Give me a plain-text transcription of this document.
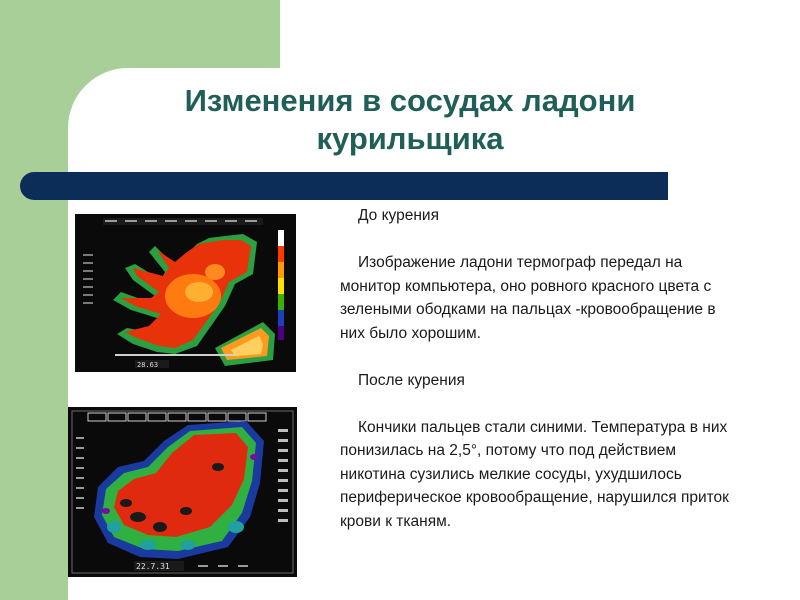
Изменения в сосудах ладони
курильщика
28.63
22.7.31

До курения

Изображение ладони термограф передал на монитор компьютера, оно ровного красного цвета с зелеными ободками на пальцах -кровообращение в них было хорошим.

После курения

Кончики пальцев стали синими. Температура в них понизилась на 2,5°, потому что под действием никотина сузились мелкие сосуды, ухудшилось периферическое кровообращение, нарушился приток крови к тканям.
